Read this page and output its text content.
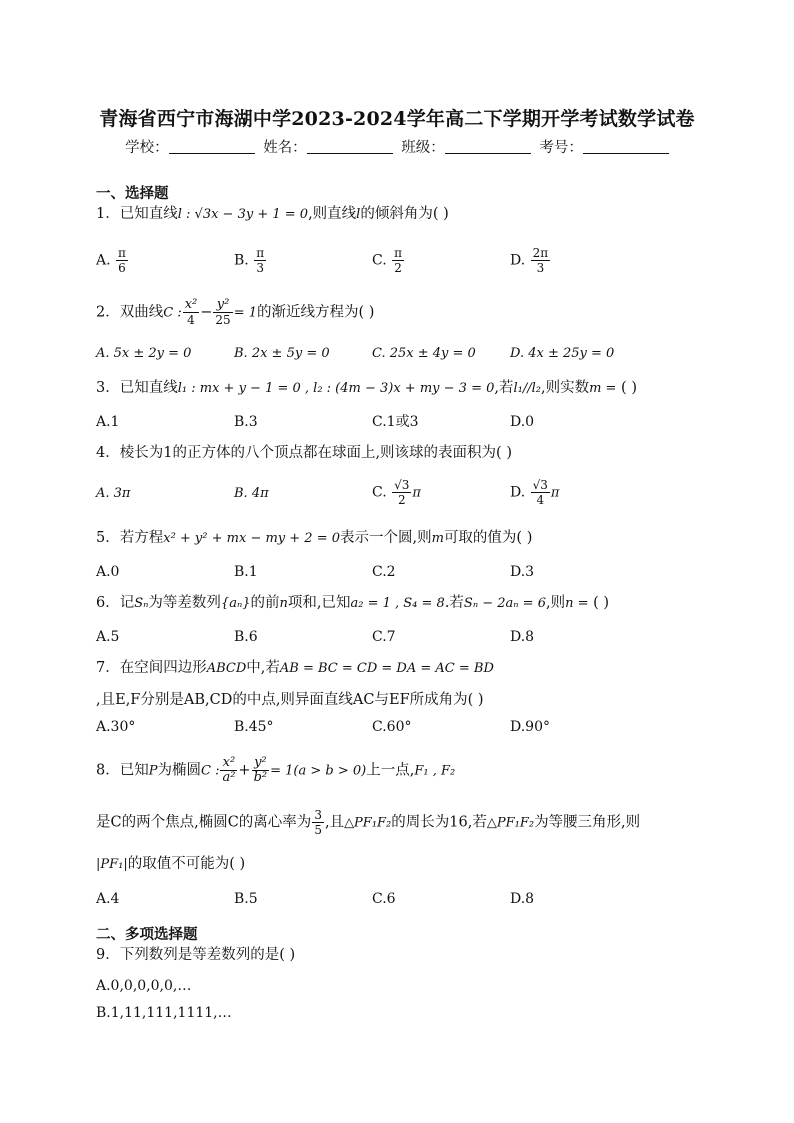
青海省西宁市海湖中学2023-2024学年高二下学期开学考试数学试卷
学校：	姓名：	班级：	考号：
一、选择题
1．已知直线l : √3x − 3y + 1 = 0,则直线l的倾斜角为( )
A. $\frac{\pi}{6}$	B. $\frac{\pi}{3}$	C. $\frac{\pi}{2}$	D. $\frac{2\pi}{3}$
2．双曲线C : $\frac{\text{x²}}{4} - \frac{\text{y²}}{25} = 1$的渐近线方程为( )
A. 5x ± 2y = 0	B. 2x ± 5y = 0	C. 25x ± 4y = 0	D. 4x ± 25y = 0
3．已知直线l₁ : mx + y − 1 = 0 , l₂ : (4m − 3)x + my − 3 = 0,若l₁//l₂,则实数m = ( )
A.1	B.3	C.1或3	D.0
4．棱长为1的正方体的八个顶点都在球面上,则该球的表面积为( )
A. 3π	B. 4π	C. $\frac{√3}{2}$ π	D. $\frac{√3}{4}$ π
5．若方程x² + y² + mx − my + 2 = 0表示一个圆,则m可取的值为( )
A.0	B.1	C.2	D.3
6．记Sₙ为等差数列{aₙ}的前n项和,已知a₂ = 1 , S₄ = 8.若Sₙ − 2aₙ = 6,则n = ( )
A.5	B.6	C.7	D.8
7．在空间四边形ABCD中,若AB = BC = CD = DA = AC = BD
,且E,F分别是AB,CD的中点,则异面直线AC与EF所成角为( )
A.30°	B.45°	C.60°	D.90°
8．已知P为椭圆C : $\frac{\text{x²}}{\text{a²}} + \frac{\text{y²}}{\text{b²}} = 1(a > b > 0)$上一点,F₁ , F₂
是C的两个焦点,椭圆C的离心率为 $\frac{3}{5}$ ,且△PF₁F₂的周长为16,若△PF₁F₂为等腰三角形,则
|PF₁|的取值不可能为( )
A.4	B.5	C.6	D.8
二、多项选择题
9．下列数列是等差数列的是( )
A.0,0,0,0,0,…
B.1,11,111,1111,…
